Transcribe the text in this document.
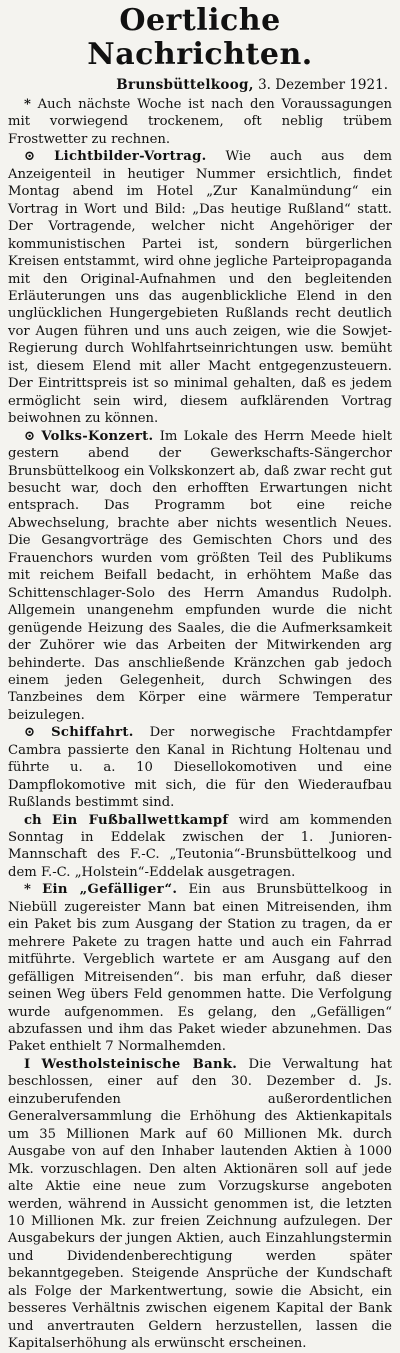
Oertliche Nachrichten.
Brunsbüttelkoog, 3. Dezember 1921.

* Auch nächste Woche ist nach den Voraussagungen mit vorwiegend trockenem, oft neblig trübem Frostwetter zu rechnen.

⊙ Lichtbilder-Vortrag. Wie auch aus dem Anzeigenteil in heutiger Nummer ersichtlich, findet Montag abend im Hotel „Zur Kanalmündung“ ein Vortrag in Wort und Bild: „Das heutige Rußland“ statt. Der Vortragende, welcher nicht Angehöriger der kommunistischen Partei ist, sondern bürgerlichen Kreisen entstammt, wird ohne jegliche Parteipropaganda mit den Original-Aufnahmen und den begleitenden Erläuterungen uns das augenblickliche Elend in den unglücklichen Hungergebieten Rußlands recht deutlich vor Augen führen und uns auch zeigen, wie die Sowjet-Regierung durch Wohlfahrtseinrichtungen usw. bemüht ist, diesem Elend mit aller Macht entgegenzusteuern. Der Eintrittspreis ist so minimal gehalten, daß es jedem ermöglicht sein wird, diesem aufklärenden Vortrag beiwohnen zu können.

⊙ Volks-Konzert. Im Lokale des Herrn Meede hielt gestern abend der Gewerkschafts-Sängerchor Brunsbüttelkoog ein Volkskonzert ab, daß zwar recht gut besucht war, doch den erhofften Erwartungen nicht entsprach. Das Programm bot eine reiche Abwechselung, brachte aber nichts wesentlich Neues. Die Gesangvorträge des Gemischten Chors und des Frauenchors wurden vom größten Teil des Publikums mit reichem Beifall bedacht, in erhöhtem Maße das Schittenschlager-Solo des Herrn Amandus Rudolph. Allgemein unangenehm empfunden wurde die nicht genügende Heizung des Saales, die die Aufmerksamkeit der Zuhörer wie das Arbeiten der Mitwirkenden arg behinderte. Das anschließende Kränzchen gab jedoch einem jeden Gelegenheit, durch Schwingen des Tanzbeines dem Körper eine wärmere Temperatur beizulegen.

⊙ Schiffahrt. Der norwegische Frachtdampfer Cambra passierte den Kanal in Richtung Holtenau und führte u. a. 10 Diesellokomotiven und eine Dampflokomotive mit sich, die für den Wiederaufbau Rußlands bestimmt sind.

ch Ein Fußballwettkampf wird am kommenden Sonntag in Eddelak zwischen der 1. Junioren-Mannschaft des F.-C. „Teutonia“-Brunsbüttelkoog und dem F.-C. „Holstein“-Eddelak ausgetragen.

* Ein „Gefälliger“. Ein aus Brunsbüttelkoog in Niebüll zugereister Mann bat einen Mitreisenden, ihm ein Paket bis zum Ausgang der Station zu tragen, da er mehrere Pakete zu tragen hatte und auch ein Fahrrad mitführte. Vergeblich wartete er am Ausgang auf den gefälligen Mitreisenden“. bis man erfuhr, daß dieser seinen Weg übers Feld genommen hatte. Die Verfolgung wurde aufgenommen. Es gelang, den „Gefälligen“ abzufassen und ihm das Paket wieder abzunehmen. Das Paket enthielt 7 Normalhemden.

I Westholsteinische Bank. Die Verwaltung hat beschlossen, einer auf den 30. Dezember d. Js. einzuberufenden außerordentlichen Generalversammlung die Erhöhung des Aktienkapitals um 35 Millionen Mark auf 60 Millionen Mk. durch Ausgabe von auf den Inhaber lautenden Aktien à 1000 Mk. vorzuschlagen. Den alten Aktionären soll auf jede alte Aktie eine neue zum Vorzugskurse angeboten werden, während in Aussicht genommen ist, die letzten 10 Millionen Mk. zur freien Zeichnung aufzulegen. Der Ausgabekurs der jungen Aktien, auch Einzahlungstermin und Dividendenberechtigung werden später bekanntgegeben. Steigende Ansprüche der Kundschaft als Folge der Markentwertung, sowie die Absicht, ein besseres Verhältnis zwischen eigenem Kapital der Bank und anvertrauten Geldern herzustellen, lassen die Kapitalserhöhung als erwünscht erscheinen.
